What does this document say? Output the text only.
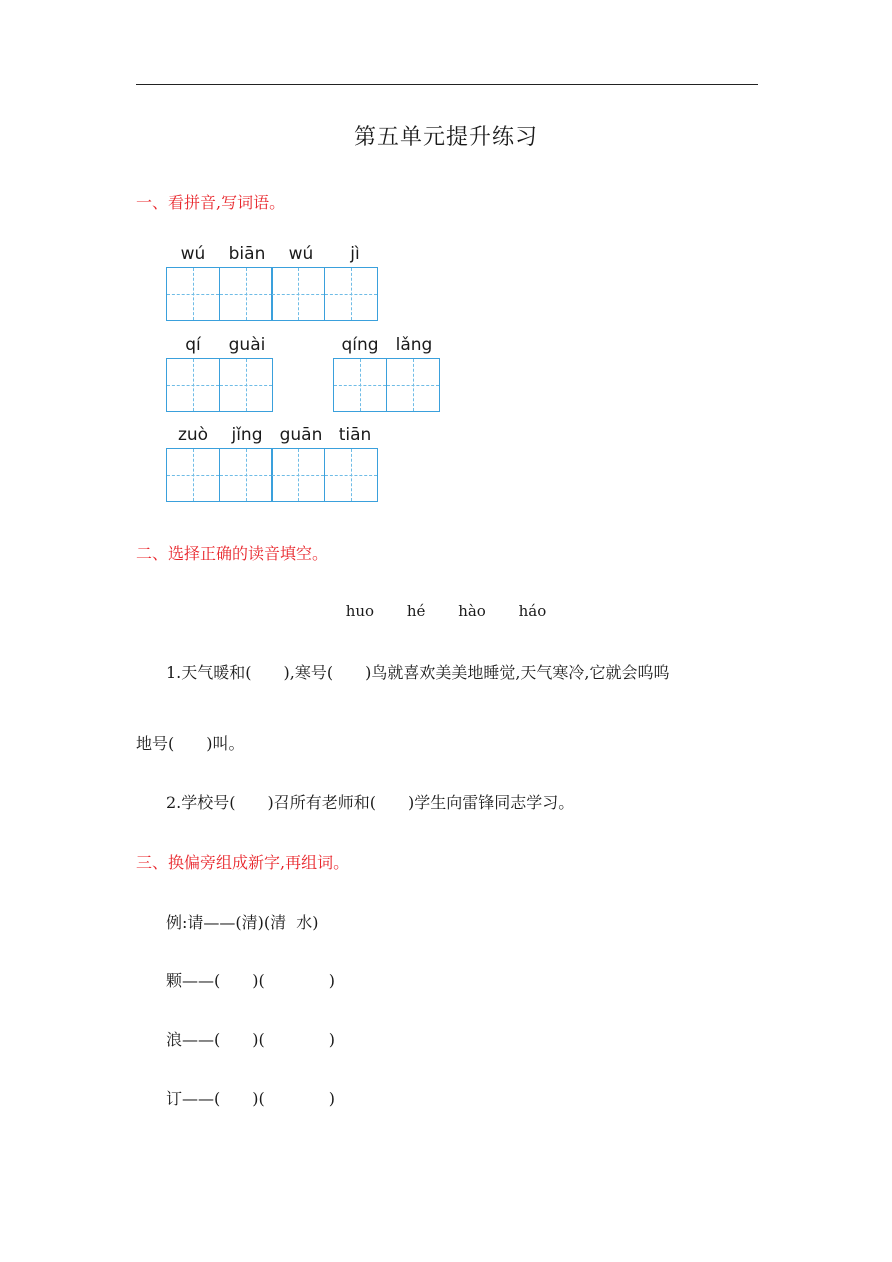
第五单元提升练习
一、看拼音,写词语。
wú	biān	wú	jì
qí	guài	qíng	lǎng
zuò	jǐng	guān tiān
二、选择正确的读音填空。
huo hé hào háo
1.天气暖和(　　),寒号(　　)鸟就喜欢美美地睡觉,天气寒冷,它就会呜呜
地号(　　)叫。
2.学校号(　　)召所有老师和(　　)学生向雷锋同志学习。
三、换偏旁组成新字,再组词。
例:请——(清)(清  水)
颗——(　　)(　　　　)
浪——(　　)(　　　　)
订——(　　)(　　　　)
